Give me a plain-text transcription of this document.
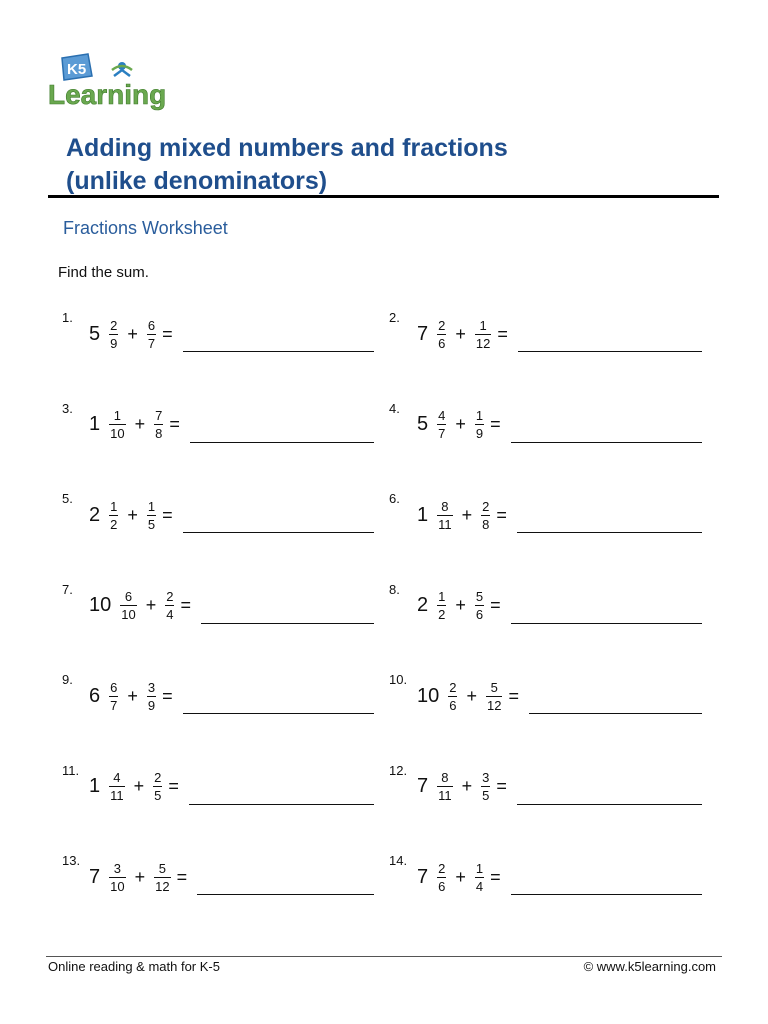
K5
Learning
Adding mixed numbers and fractions
(unlike denominators)
Fractions Worksheet
Find the sum.
1.
$5 \frac{2}{9} + \frac{6}{7}$ =
2.
$7 \frac{2}{6} + \frac{1}{12}$ =
3.
$1 \frac{1}{10} + \frac{7}{8}$ =
4.
$5 \frac{4}{7} + \frac{1}{9}$ =
5.
$2 \frac{1}{2} + \frac{1}{5}$ =
6.
$1 \frac{8}{11} + \frac{2}{8}$ =
7.
$10 \frac{6}{10} + \frac{2}{4}$ =
8.
$2 \frac{1}{2} + \frac{5}{6}$ =
9.
$6 \frac{6}{7} + \frac{3}{9}$ =
10.
$10 \frac{2}{6} + \frac{5}{12}$ =
11.
$1 \frac{4}{11} + \frac{2}{5}$ =
12.
$7 \frac{8}{11} + \frac{3}{5}$ =
13.
$7 \frac{3}{10} + \frac{5}{12}$ =
14.
$7 \frac{2}{6} + \frac{1}{4}$ =
Online reading & math for K-5	© www.k5learning.com
